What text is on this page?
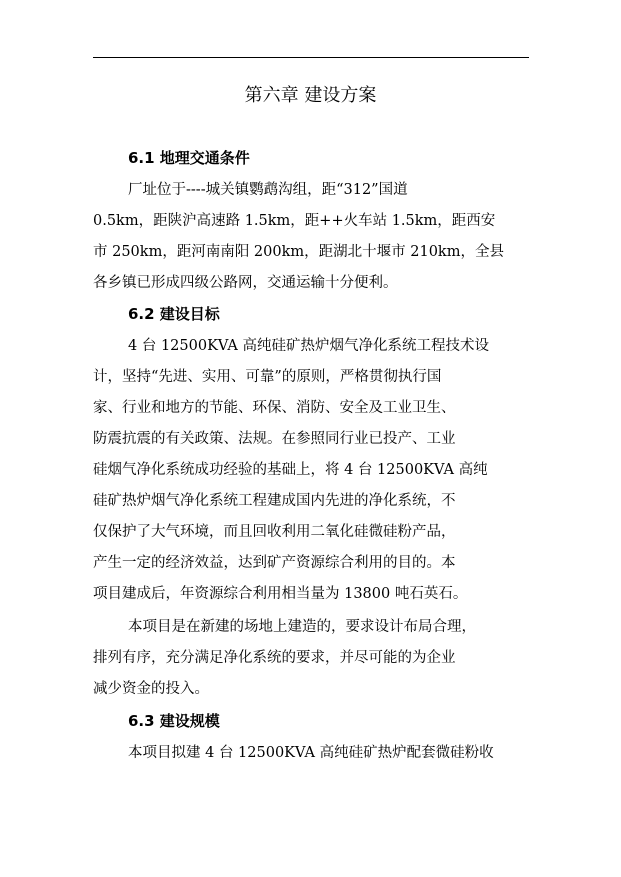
第六章 建设方案
6.1 地理交通条件
厂址位于----城关镇鹦鹉沟组，距“312”国道
0.5km，距陕沪高速路 1.5km，距++火车站 1.5km，距西安
市 250km，距河南南阳 200km，距湖北十堰市 210km，全县
各乡镇已形成四级公路网，交通运输十分便利。
6.2 建设目标
4 台 12500KVA 高纯硅矿热炉烟气净化系统工程技术设
计，坚持“先进、实用、可靠”的原则，严格贯彻执行国
家、行业和地方的节能、环保、消防、安全及工业卫生、
防震抗震的有关政策、法规。在参照同行业已投产、工业
硅烟气净化系统成功经验的基础上，将 4 台 12500KVA 高纯
硅矿热炉烟气净化系统工程建成国内先进的净化系统，不
仅保护了大气环境，而且回收利用二氧化硅微硅粉产品，
产生一定的经济效益，达到矿产资源综合利用的目的。本
项目建成后，年资源综合利用相当量为 13800 吨石英石。
本项目是在新建的场地上建造的，要求设计布局合理，
排列有序，充分满足净化系统的要求，并尽可能的为企业
减少资金的投入。
6.3 建设规模
本项目拟建 4 台 12500KVA 高纯硅矿热炉配套微硅粉收
